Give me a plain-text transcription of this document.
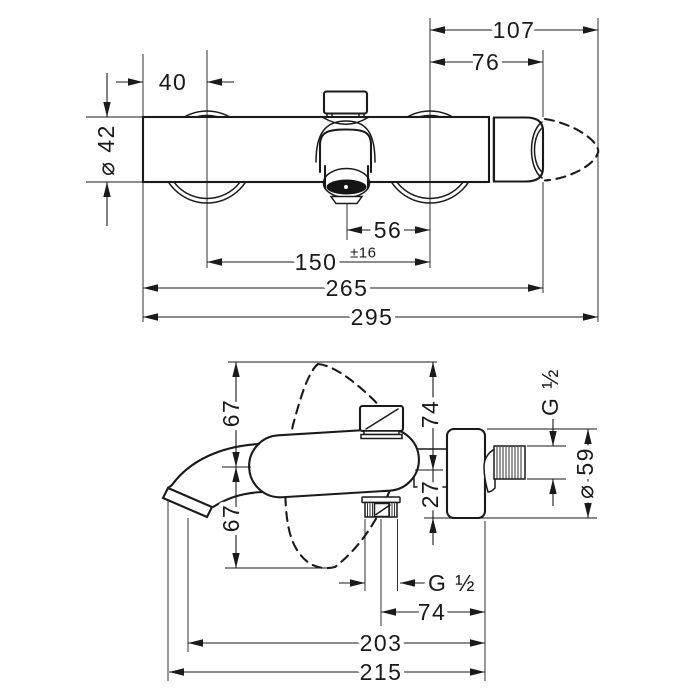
107
76
40
⌀ 42
56
150 ±16
265
295
67
67
74
27
G ½
⌀ 59
G ½
74
203
215
